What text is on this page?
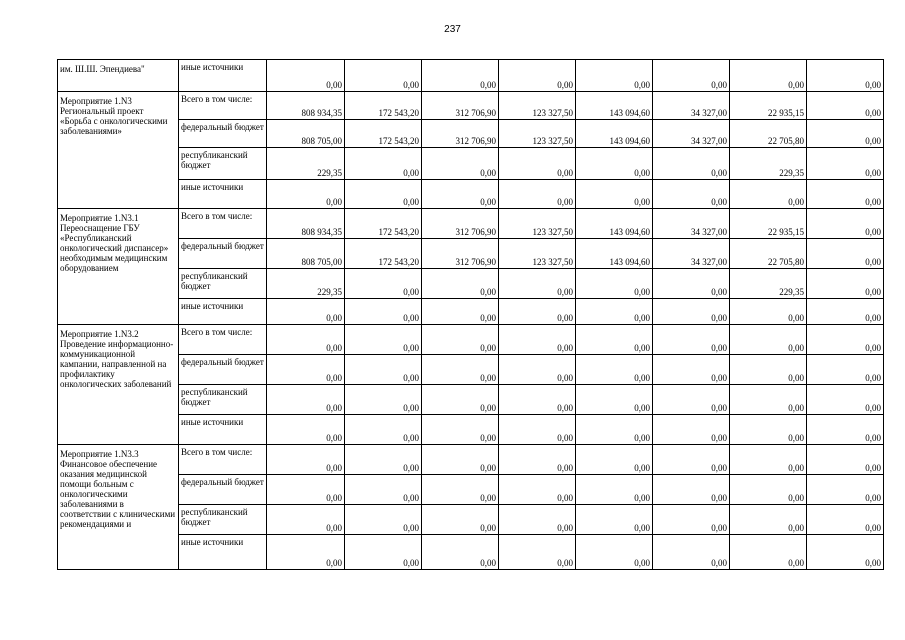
237
им. Ш.Ш. Эпендиева"	иные источники	0,00	0,00	0,00	0,00	0,00	0,00	0,00	0,00
Мероприятие 1.N3 Региональный проект «Борьба с онкологическими заболеваниями»	Всего в том числе:	808 934,35	172 543,20	312 706,90	123 327,50	143 094,60	34 327,00	22 935,15	0,00
	федеральный бюджет	808 705,00	172 543,20	312 706,90	123 327,50	143 094,60	34 327,00	22 705,80	0,00
	республиканский бюджет	229,35	0,00	0,00	0,00	0,00	0,00	229,35	0,00
	иные источники	0,00	0,00	0,00	0,00	0,00	0,00	0,00	0,00
Мероприятие 1.N3.1 Переоснащение ГБУ «Республиканский онкологический диспансер» необходимым медицинским оборудованием	Всего в том числе:	808 934,35	172 543,20	312 706,90	123 327,50	143 094,60	34 327,00	22 935,15	0,00
	федеральный бюджет	808 705,00	172 543,20	312 706,90	123 327,50	143 094,60	34 327,00	22 705,80	0,00
	республиканский бюджет	229,35	0,00	0,00	0,00	0,00	0,00	229,35	0,00
	иные источники	0,00	0,00	0,00	0,00	0,00	0,00	0,00	0,00
Мероприятие 1.N3.2 Проведение информационно-коммуникационной кампании, направленной на профилактику онкологических заболеваний	Всего в том числе:	0,00	0,00	0,00	0,00	0,00	0,00	0,00	0,00
	федеральный бюджет	0,00	0,00	0,00	0,00	0,00	0,00	0,00	0,00
	республиканский бюджет	0,00	0,00	0,00	0,00	0,00	0,00	0,00	0,00
	иные источники	0,00	0,00	0,00	0,00	0,00	0,00	0,00	0,00
Мероприятие 1.N3.3 Финансовое обеспечение оказания медицинской помощи больным с онкологическими заболеваниями в соответствии с клиническими рекомендациями и	Всего в том числе:	0,00	0,00	0,00	0,00	0,00	0,00	0,00	0,00
	федеральный бюджет	0,00	0,00	0,00	0,00	0,00	0,00	0,00	0,00
	республиканский бюджет	0,00	0,00	0,00	0,00	0,00	0,00	0,00	0,00
	иные источники	0,00	0,00	0,00	0,00	0,00	0,00	0,00	0,00
